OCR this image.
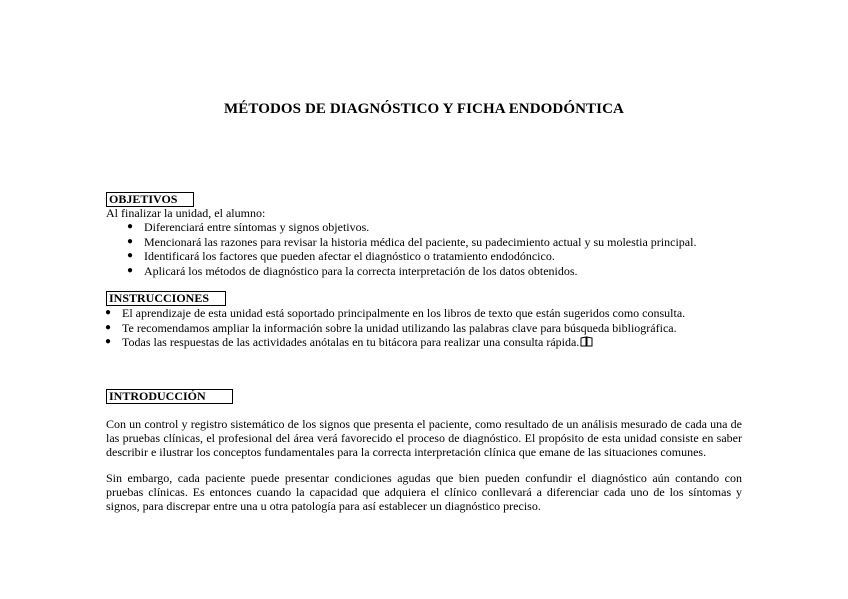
MÉTODOS DE DIAGNÓSTICO Y FICHA ENDODÓNTICA
OBJETIVOS
Al finalizar la unidad, el alumno:
● Diferenciará entre síntomas y signos objetivos.
● Mencionará las razones para revisar la historia médica del paciente, su padecimiento actual y su molestia principal.
● Identificará los factores que pueden afectar el diagnóstico o tratamiento endodóncico.
● Aplicará los métodos de diagnóstico para la correcta interpretación de los datos obtenidos.
INSTRUCCIONES
● El aprendizaje de esta unidad está soportado principalmente en los libros de texto que están sugeridos como consulta.
● Te recomendamos ampliar la información sobre la unidad utilizando las palabras clave para búsqueda bibliográfica.
● Todas las respuestas de las actividades anótalas en tu bitácora para realizar una consulta rápida.
INTRODUCCIÓN
Con un control y registro sistemático de los signos que presenta el paciente, como resultado de un análisis mesurado de cada una de las pruebas clínicas, el profesional del área verá favorecido el proceso de diagnóstico. El propósito de esta unidad consiste en saber describir e ilustrar los conceptos fundamentales para la correcta interpretación clínica que emane de las situaciones comunes.
Sin embargo, cada paciente puede presentar condiciones agudas que bien pueden confundir el diagnóstico aún contando con pruebas clínicas. Es entonces cuando la capacidad que adquiera el clínico conllevará a diferenciar cada uno de los síntomas y signos, para discrepar entre una u otra patología para así establecer un diagnóstico preciso.
